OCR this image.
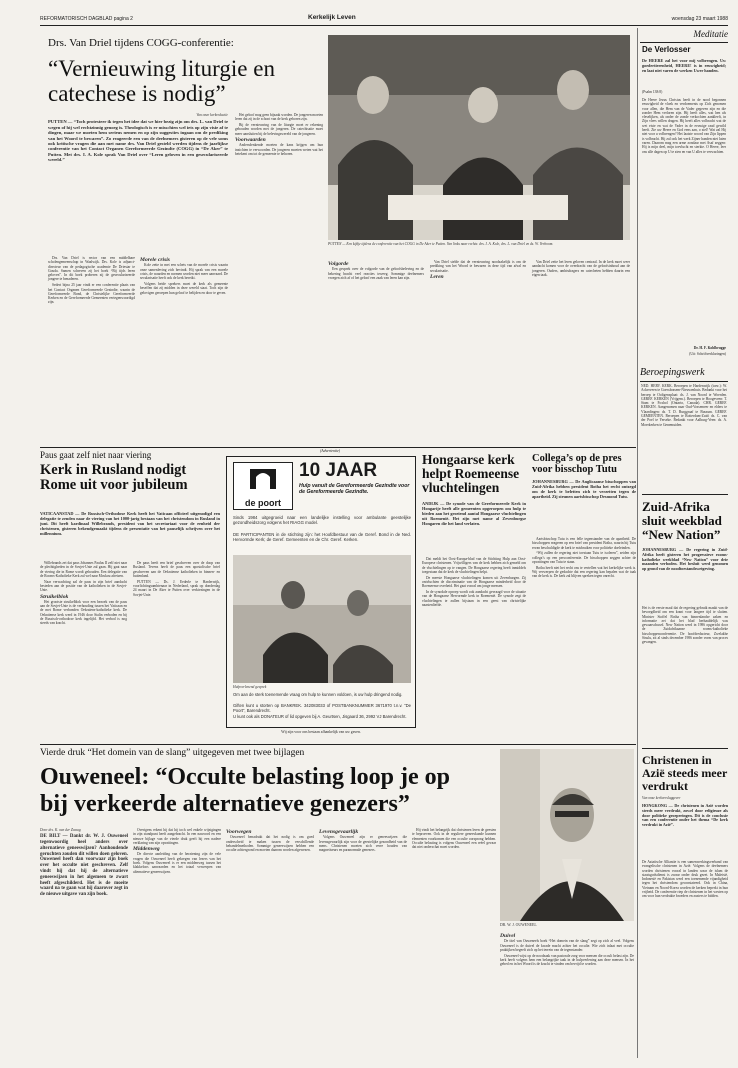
REFORMATORISCH DAGBLAD pagina 2	Kerkelijk Leven	woensdag 23 maart 1988
Drs. Van Driel tijdens COGG-conferentie:
“Vernieuwing liturgie en catechese is nodig”
PUTTEN — Een kijkje tijdens de conferentie van het COGG in De Aker te Putten. Van links naar rechts: drs. I. A. Kole, drs. L. van Driel en ds. W. Verboom.
Van onze kerkredactie

PUTTEN — “Toch protesteer ik tegen het idee dat we hier bezig zijn om drs. L. van Driel te wegen of hij wel rechtzinnig genoeg is. Theologisch is er misschien wel iets op zijn visie af te dingen, maar we moeten hem serieus nemen en op zijn suggesties ingaan om de prediking van het Woord te bewaren”. Zo reageerde een van de deelnemers gisteren op de vele soms ook kritische vragen die aan met name drs. Van Driel gesteld werden tijdens de jaarlijkse conferentie van het Contact Organen Gereformeerde Gezindte (COGG) in “De Aker” te Putten. Met drs. I. A. Kole sprak Van Driel over “Leren geloven in een geseculariseerde wereld.”

Drs. Van Driel is rector van een middelbare scholengemeenschap in Waalwijk. Drs. Kole is adjunct-directeur van de pedagogische academie De Driestar te Gouda. Samen schreven zij het boek “Bij tijds leren geloven”. In dit boek proberen zij de geseculariseerde jongere te benaderen.

Sedert bijna 25 jaar vindt er een conferentie plaats van het Contact Organen Gereformeerde Gezindte, waarin de Gereformeerde Bond, de Christelijke Gereformeerde Kerken en de Gereformeerde Gemeenten vertegenwoordigd zijn.

Morele crisis

Kole zette in met een schets van de morele crisis waarin onze samenleving zich bevindt. Hij sprak van een morele crisis, de waarden en normen worden niet meer aanvaard. De secularisatie heeft ook de kerk bereikt.

Volgens beide sprekers moet de kerk als gemeente beseffen dat zij midden in deze wereld staat. Toch zijn de gelovigen geroepen hun geloof te belijden en door te geven.

Het geloof mag geen bijzaak worden. De jongeren moeten leren dat zij in de schoot van de kerk geboren zijn.

Bij de vernieuwing van de liturgie moet er rekening gehouden worden met de jongeren. De catechisatie moet meer aansluiten bij de belevingswereld van de jongeren.

Voorwaarden

Andersdenkende moeten de kans krijgen om hun inzichten te verwoorden. De jongeren moeten weten wat het betekent om tot de gemeente te behoren.

Volgorde

Een gesprek over de volgorde van de geloofsbeleving en de bekering bracht veel reacties teweeg. Sommige deelnemers vroegen zich af of het geloof een zaak van leren kan zijn.

Van Driel stelde dat de vernieuwing noodzakelijk is om de prediking van het Woord te bewaren in deze tijd van afval en secularisatie.

Leren

Van Driel zette het leren geloven centraal. In de kerk moet weer aandacht komen voor de overdracht van de geloofsinhoud aan de jongeren. Ouders, ambtsdragers en catecheten hebben daarin een eigen taak.

Meditatie
De Verlosser
De HEERE zal het voor mij volbrengen. Uw goedertierenheid, HEERE! is in eeuwigheid; en laat niet varen de werken Uwer handen.
(Psalm 138:8)
De Heere Jezus Christus heeft in de nood begonnen eeuwigheid de vloek en verdoemenis op Zich genomen voor allen, die Hem van de Vader gegeven zijn en die zonder Hem verloren zijn. Hij heeft alles, wat hen als vleselijken, als onder de zonde verkochten aankleeft, in Zijn vlees willen dragen. Hij heeft alles volbracht wat de wet eiste en wat de Vader in de eeuwige raad gewild heeft. Zie uw Heere en God eens aan, o ziel! Wat zal Hij niet voor u volbrengen? Het laatste woord van Zijn lippen is volbracht. Hij zal ook het werk Zijner handen niet laten varen. Daarom mag een arme zondaar met Asaf zeggen: Hij is mijn deel, mijn toevlucht en sterkte. O Heere, leer ons alle dagen op U te zien en van U alles te verwachten.
Dr. H. F. Kohlbrugge
(Uit: Schriftverklaringen)
Beroepingswerk
NED. HERV. KERK. Beroepen te Hardenwijk (toez.): W. Ackerveen te Goessbrasem-Nieuwenhuis. Bedankt voor het beroep te Ooltgensplaat: ds. J. van Noord te Woerden. GEREF. KERKEN (Vrijgem.). Beroepen te Hoogeveen: T. Stam te Foxhol (Ontario, Canada). CHR. GEREF. KERKEN. Aangenomen naar Oud-Vossemeer en elders te Vlaardingen: ds. T. D. Burggraaf te Bussum. GEREF. GEMEENTEN. Beroepen te Rotterdam-Zuid: ds. C. van der Poel te Yerseke. Bedankt voor Aalburg-Veen: ds. A. Moerkerken te Genemuiden.
Paus gaat zelf niet naar viering
Kerk in Rusland nodigt Rome uit voor jubileum
VATICAANSTAD — De Russisch-Orthodoxe Kerk heeft het Vaticaan officieel uitgenodigd een delegatie te zenden naar de viering van het 1000-jarig bestaan van het christendom in Rusland in juni. Dit heeft kardinaal Willebrands, president van het secretariaat voor de eenheid der christenen, gisteren bekendgemaakt tijdens de presentatie van het pauselijk schrijven over het millennium.

Willebrands zei dat paus Johannes Paulus II zelf niet naar de plechtigheden in de Sovjet-Unie zal gaan. Hij gaat naar de viering die in Rome wordt gehouden. Een delegatie van de Rooms-Katholieke Kerk zal wel naar Moskou afreizen.

Naar verwachting zal de paus in zijn brief aandacht besteden aan de positie van de katholieken in de Sovjet-Unie.

Struikelblok

Het grootste struikelblok voor een bezoek van de paus aan de Sovjet-Unie is de verhouding tussen het Vaticaan en de met Rome verbonden Oekraïens-katholieke kerk. De Oekraïense kerk werd in 1946 door Stalin verboden en bij de Russisch-orthodoxe kerk ingelijfd. Het verbod is nog steeds van kracht.

De paus heeft een brief geschreven over de doop van Rusland. Tevens heeft de paus een apostolische brief geschreven aan de Oekraïense katholieken in binnen- en buitenland.

PUTTEN — Ds. J. Eederle te Harderwijk, voorlichtingsambtenaar in Nederland, sprak op donderdag 24 maart in De Aker te Putten over verkiezingen in de Sovjet-Unie.

(Advertentie)
de poort
10 JAAR
Hulp vanuit de Gereformeerde Gezindte voor de Gereformeerde Gezindte.
Sinds 1984 uitgegroeid naar een landelijke instelling voor ambulante geestelijke gezondheidszorg volgens het RIAGG model.
DE PARTICIPANTEN in de stichting zijn: het Hoofdbestuur van de Geref. Bond in de Ned. Hervormde Kerk; de Geref. Gemeenten en de Chr. Geref. Kerken.
Hulpverlenend gesprek
Om aan de sterk toenemende vraag om hulp te kunnen voldoen, is uw hulp dringend nodig.
Giften kunt u storten op BANKREK. 342083033 of POSTBANKNUMMER 3671970 t.n.v. “De Poort”, Barendrecht.
U kunt ook als DONATEUR of lid opgeven bij A. Geurtsen, Jisgaard 36, 2992 VJ Barendrecht.
Wij zijn voor ons bestaan afhankelijk van uw gaven.
Hongaarse kerk helpt Roemeense vluchtelingen
ANDIJK — De synode van de Gereformeerde Kerk in Hongarije heeft alle gemeenten opgeroepen om hulp te bieden aan het groeiend aantal Hongaarse vluchtelingen uit Roemenië. Het zijn met name al Zevenburgse Hongaren die het land verlaten.

Dat meldt het Oost-Europa-blad van de Stichting Hulp aan Oost-Europese christenen. Vrijwilligers van de kerk hebben zich gemeld om de vluchtelingen op te vangen. De Hongaarse regering heeft inmiddels toegestaan dat de kerk de vluchtelingen helpt.

De meeste Hongaarse vluchtelingen komen uit Zevenburgen. Zij ontvluchten de discriminatie van de Hongaarse minderheid door de Roemeense overheid. Het gaat vooral om jonge mensen.

In de synodale oproep wordt ook aandacht gevraagd voor de situatie van de Hongaarse Hervormde kerk in Roemenië. De synode zegt de vluchtelingen te zullen bijstaan in een geest van christelijke naastenliefde.

Collega’s op de pres voor bisschop Tutu
JOHANNESBURG — De Anglicaanse bisschoppen van Zuid-Afrika hebben president Botha het recht ontzegd om de kerk te beletten zich te verzetten tegen de apartheid. Zij steunen aartsbisschop Desmond Tutu.

Aartsbisschop Tutu is een felle tegenstander van de apartheid. De bisschoppen reageren op een brief van president Botha, waarin hij Tutu ervan beschuldigde de kerk te misbruiken voor politieke doeleinden.

“Wij zullen de regering niet toestaan Tutu te isoleren”, zeiden zijn collega’s op een persconferentie. De bisschoppen zeggen achter de opvattingen van Tutu te staan.

Botha heeft niet het recht ons te vertellen wat het kerkelijke werk is. Wij verwerpen de gedachte dat een regering kan bepalen wat de taak van de kerk is. De kerk zal blijven spreken tegen onrecht.

Zuid-Afrika sluit weekblad “New Nation”
JOHANNESBURG — De regering in Zuid-Afrika heeft gisteren het progressieve rooms-katholieke weekblad “New Nation” voor drie maanden verboden. Het besluit werd genomen op grond van de noodtoestandswetgeving.
Het is de eerste maal dat de regering gebruik maakt van de bevoegdheid om een krant voor langere tijd te sluiten. Minister Stoffel Botha van binnenlandse zaken en informatie zei dat het blad herhaaldelijk was gewaarschuwd. New Nation werd in 1986 opgericht door de Zuidafrikaanse rooms-katholieke bisschoppenconferentie. De hoofdredacteur, Zwelakhe Sisulu, zit al sinds december 1986 zonder vorm van proces gevangen.
Christenen in Azië steeds meer verdrukt
Van onze kerkverslaggever
HONGKONG — De christenen in Azië worden steeds meer verdrukt, zowel door religieuze als door politieke groeperingen. Dit is de conclusie van een conferentie onder het thema “De kerk verdrukt in Azië”.
De Aziatische Alliantie is een samenwerkingsverband van evangelische christenen in Azië. Volgens de deelnemers worden christenen vooral in landen waar de islam de staatsgodsdienst is zwaar onder druk gezet. In Maleisië, Indonesië en Pakistan werd een toenemende vijandigheid tegen het christendom geconstateerd. Ook in China, Vietnam en Noord-Korea worden de kerken beperkt in hun vrijheid. De conferentie riep de christenen in het westen op om voor hun verdrukte broeders en zusters te bidden.
Vierde druk “Het domein van de slang” uitgegeven met twee bijlagen
Ouweneel: “Occulte belasting loop je op bij verkeerde alternatieve genezers”
DR. W. J. OUWENEEL
Door drs. K. van der Zwaag

DE BILT — Dankt dr. W. J. Ouweneel tegenwoordig heel anders over alternatieve geneeswijzen? Aanhoudende geruchten zouden dit willen doen geloven. Ouweneel heeft dan voorwaar zijn boek over het occulte niet geschreven. Zelf vindt hij dat hij de alternatieve geneeswijzen in het algemeen te zwart heeft afgeschilderd. Het is de moeite waard na te gaan wat hij daarover zegt in de nieuwe uitgave van zijn boek.

Overigens erkent hij dat hij toch wel enkele wijzigingen in zijn standpunt heeft aangebracht. In een nawoord en een nieuwe bijlage van de vierde druk geeft hij een nadere verklaring van zijn opvattingen.

Middenweg

De directe aanleiding van de herziening zijn de vele vragen die Ouweneel heeft gekregen van lezers van het boek. Volgens Ouweneel is er een middenweg tussen het klakkeloos aanvaarden en het totaal verwerpen van alternatieve geneeswijzen.

Voorwegen

Ouweneel benadrukt dat het nodig is om goed onderscheid te maken tussen de verschillende behandelmethoden. Sommige geneeswijzen hebben een occulte achtergrond en moeten daarom worden afgewezen.

Levensgevaarlijk

Volgens Ouweneel zijn er geneeswijzen die levensgevaarlijk zijn voor de geestelijke gezondheid van de mens. Christenen moeten zich verre houden van magnetiseurs en paranormale genezers.

Hij vindt het belangrijk dat christenen leren de geesten te beproeven. Ook in de reguliere geneeskunde kunnen elementen voorkomen die een occulte oorsprong hebben. Occulte belasting is volgens Ouweneel een reëel gevaar dat niet onderschat moet worden.

Duivel

De titel van Ouweneels boek “Het domein van de slang” zegt op zich al veel. Volgens Ouweneel is de duivel de kwade macht achter het occulte. Wie zich inlaat met occulte praktijken begeeft zich op het terrein van de tegenstander.

Ouweneel wijst op de noodzaak van pastorale zorg voor mensen die occult belast zijn. De kerk heeft volgens hem een belangrijke taak in de hulpverlening aan deze mensen. In het gebed en in het Woord is de kracht te vinden om bevrijd te worden.
